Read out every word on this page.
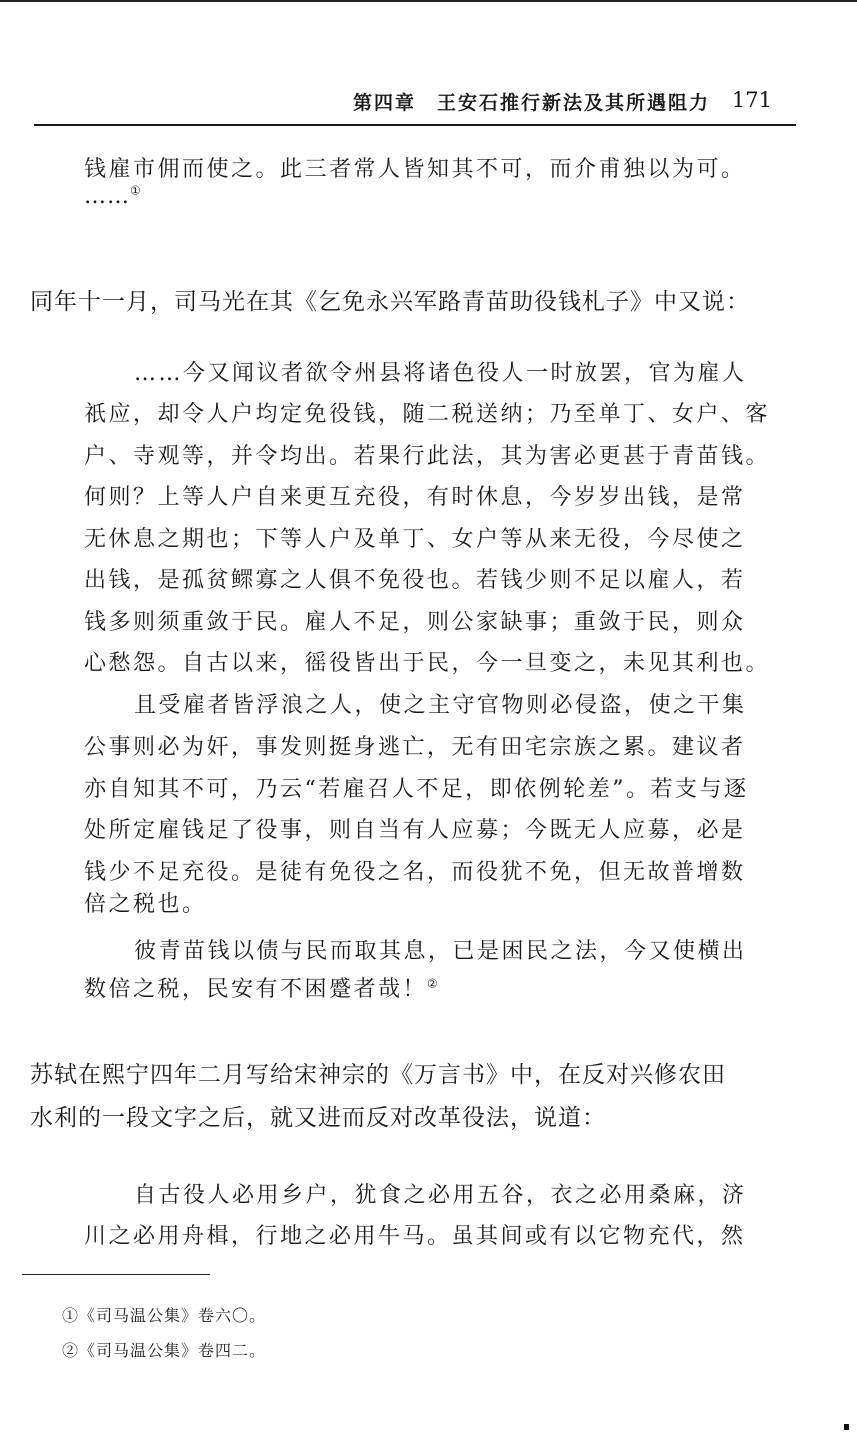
第四章　王安石推行新法及其所遇阻力 171
钱雇市佣而使之。此三者常人皆知其不可，而介甫独以为可。
……①
同年十一月，司马光在其《乞免永兴军路青苗助役钱札子》中又说：
……今又闻议者欲令州县将诸色役人一时放罢，官为雇人
祇应，却令人户均定免役钱，随二税送纳；乃至单丁、女户、客
户、寺观等，并令均出。若果行此法，其为害必更甚于青苗钱。
何则？上等人户自来更互充役，有时休息，今岁岁出钱，是常
无休息之期也；下等人户及单丁、女户等从来无役，今尽使之
出钱，是孤贫鳏寡之人俱不免役也。若钱少则不足以雇人，若
钱多则须重敛于民。雇人不足，则公家缺事；重敛于民，则众
心愁怨。自古以来，徭役皆出于民，今一旦变之，未见其利也。
且受雇者皆浮浪之人，使之主守官物则必侵盗，使之干集
公事则必为奸，事发则挺身逃亡，无有田宅宗族之累。建议者
亦自知其不可，乃云“若雇召人不足，即依例轮差”。若支与逐
处所定雇钱足了役事，则自当有人应募；今既无人应募，必是
钱少不足充役。是徒有免役之名，而役犹不免，但无故普增数
倍之税也。
彼青苗钱以债与民而取其息，已是困民之法，今又使横出
数倍之税，民安有不困蹙者哉！②
苏轼在熙宁四年二月写给宋神宗的《万言书》中，在反对兴修农田
水利的一段文字之后，就又进而反对改革役法，说道：
自古役人必用乡户，犹食之必用五谷，衣之必用桑麻，济
川之必用舟楫，行地之必用牛马。虽其间或有以它物充代，然
①《司马温公集》卷六〇。
②《司马温公集》卷四二。
